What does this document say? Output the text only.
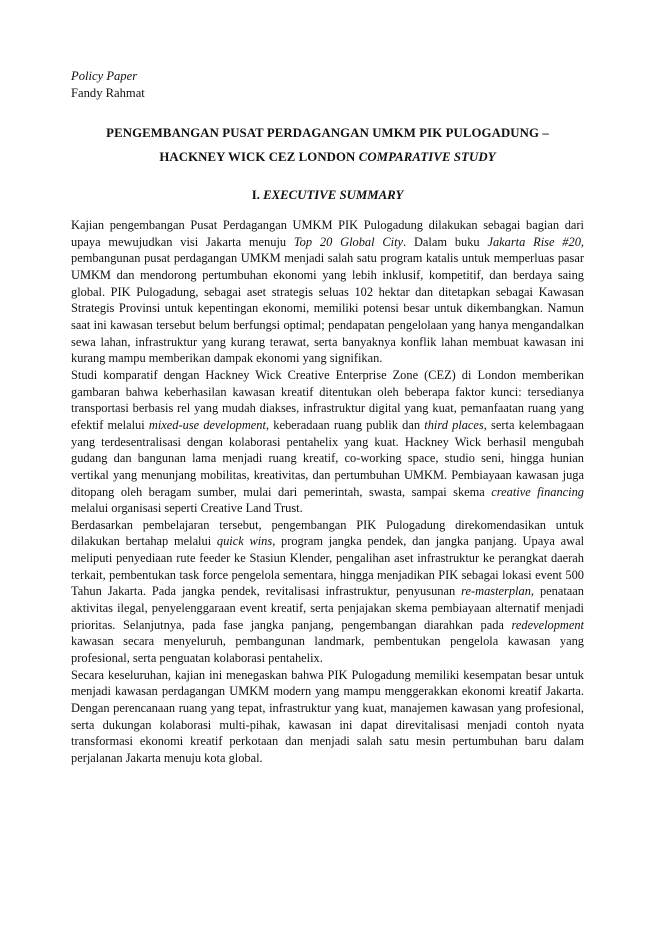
Policy Paper
Fandy Rahmat
PENGEMBANGAN PUSAT PERDAGANGAN UMKM PIK PULOGADUNG –
HACKNEY WICK CEZ LONDON COMPARATIVE STUDY
I. EXECUTIVE SUMMARY

Kajian pengembangan Pusat Perdagangan UMKM PIK Pulogadung dilakukan sebagai bagian dari upaya mewujudkan visi Jakarta menuju Top 20 Global City. Dalam buku Jakarta Rise #20, pembangunan pusat perdagangan UMKM menjadi salah satu program katalis untuk memperluas pasar UMKM dan mendorong pertumbuhan ekonomi yang lebih inklusif, kompetitif, dan berdaya saing global. PIK Pulogadung, sebagai aset strategis seluas 102 hektar dan ditetapkan sebagai Kawasan Strategis Provinsi untuk kepentingan ekonomi, memiliki potensi besar untuk dikembangkan. Namun saat ini kawasan tersebut belum berfungsi optimal; pendapatan pengelolaan yang hanya mengandalkan sewa lahan, infrastruktur yang kurang terawat, serta banyaknya konflik lahan membuat kawasan ini kurang mampu memberikan dampak ekonomi yang signifikan.

Studi komparatif dengan Hackney Wick Creative Enterprise Zone (CEZ) di London memberikan gambaran bahwa keberhasilan kawasan kreatif ditentukan oleh beberapa faktor kunci: tersedianya transportasi berbasis rel yang mudah diakses, infrastruktur digital yang kuat, pemanfaatan ruang yang efektif melalui mixed-use development, keberadaan ruang publik dan third places, serta kelembagaan yang terdesentralisasi dengan kolaborasi pentahelix yang kuat. Hackney Wick berhasil mengubah gudang dan bangunan lama menjadi ruang kreatif, co-working space, studio seni, hingga hunian vertikal yang menunjang mobilitas, kreativitas, dan pertumbuhan UMKM. Pembiayaan kawasan juga ditopang oleh beragam sumber, mulai dari pemerintah, swasta, sampai skema creative financing melalui organisasi seperti Creative Land Trust.

Berdasarkan pembelajaran tersebut, pengembangan PIK Pulogadung direkomendasikan untuk dilakukan bertahap melalui quick wins, program jangka pendek, dan jangka panjang. Upaya awal meliputi penyediaan rute feeder ke Stasiun Klender, pengalihan aset infrastruktur ke perangkat daerah terkait, pembentukan task force pengelola sementara, hingga menjadikan PIK sebagai lokasi event 500 Tahun Jakarta. Pada jangka pendek, revitalisasi infrastruktur, penyusunan re-masterplan, penataan aktivitas ilegal, penyelenggaraan event kreatif, serta penjajakan skema pembiayaan alternatif menjadi prioritas. Selanjutnya, pada fase jangka panjang, pengembangan diarahkan pada redevelopment kawasan secara menyeluruh, pembangunan landmark, pembentukan pengelola kawasan yang profesional, serta penguatan kolaborasi pentahelix.

Secara keseluruhan, kajian ini menegaskan bahwa PIK Pulogadung memiliki kesempatan besar untuk menjadi kawasan perdagangan UMKM modern yang mampu menggerakkan ekonomi kreatif Jakarta. Dengan perencanaan ruang yang tepat, infrastruktur yang kuat, manajemen kawasan yang profesional, serta dukungan kolaborasi multi-pihak, kawasan ini dapat direvitalisasi menjadi contoh nyata transformasi ekonomi kreatif perkotaan dan menjadi salah satu mesin pertumbuhan baru dalam perjalanan Jakarta menuju kota global.
